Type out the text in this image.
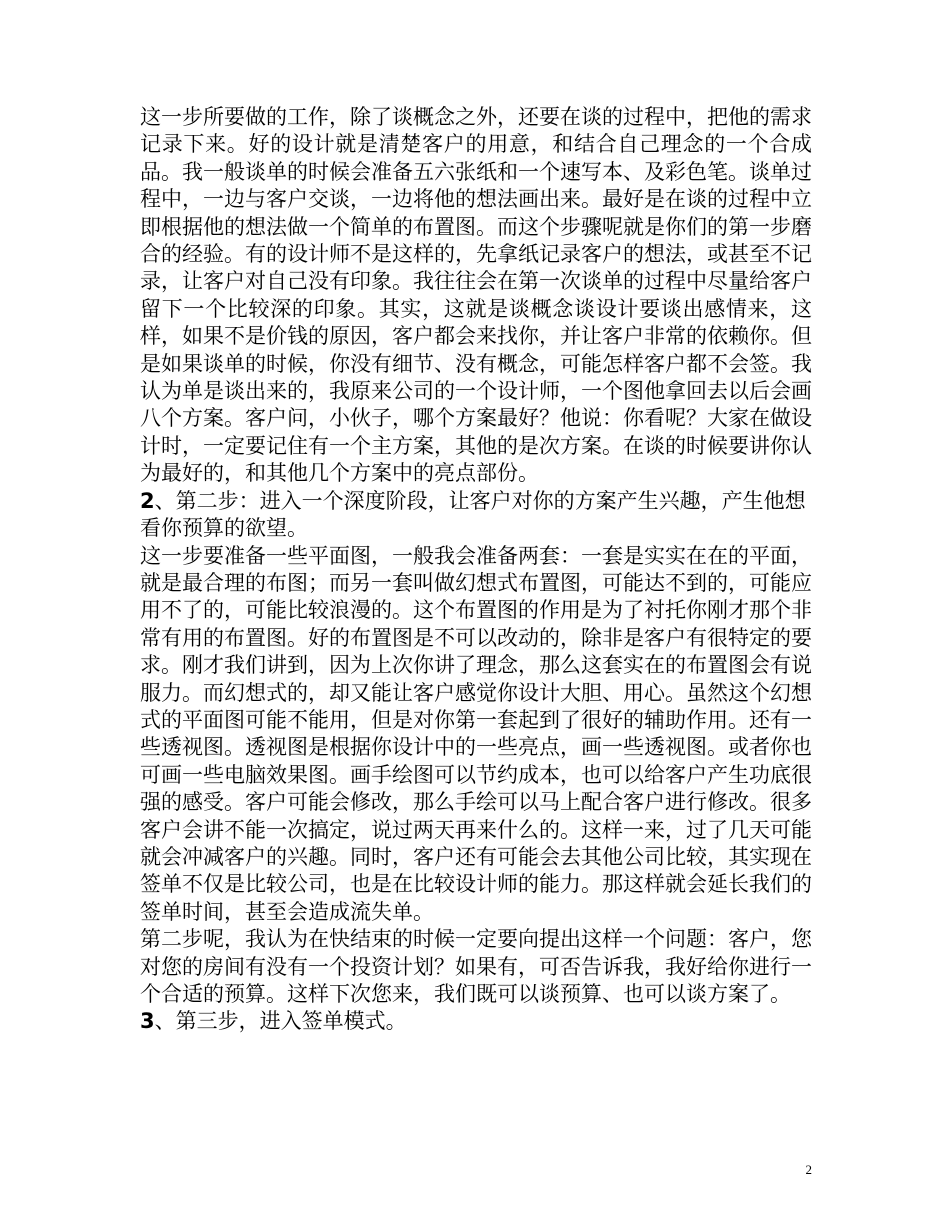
这一步所要做的工作，除了谈概念之外，还要在谈的过程中，把他的需求记录下来。好的设计就是清楚客户的用意，和结合自己理念的一个合成品。我一般谈单的时候会准备五六张纸和一个速写本、及彩色笔。谈单过程中，一边与客户交谈，一边将他的想法画出来。最好是在谈的过程中立即根据他的想法做一个简单的布置图。而这个步骤呢就是你们的第一步磨合的经验。有的设计师不是这样的，先拿纸记录客户的想法，或甚至不记录，让客户对自己没有印象。我往往会在第一次谈单的过程中尽量给客户留下一个比较深的印象。其实，这就是谈概念谈设计要谈出感情来，这样，如果不是价钱的原因，客户都会来找你，并让客户非常的依赖你。但是如果谈单的时候，你没有细节、没有概念，可能怎样客户都不会签。我认为单是谈出来的，我原来公司的一个设计师，一个图他拿回去以后会画八个方案。客户问，小伙子，哪个方案最好？他说：你看呢？大家在做设计时，一定要记住有一个主方案，其他的是次方案。在谈的时候要讲你认为最好的，和其他几个方案中的亮点部份。

2、第二步：进入一个深度阶段，让客户对你的方案产生兴趣，产生他想看你预算的欲望。

这一步要准备一些平面图，一般我会准备两套：一套是实实在在的平面，就是最合理的布图；而另一套叫做幻想式布置图，可能达不到的，可能应用不了的，可能比较浪漫的。这个布置图的作用是为了衬托你刚才那个非常有用的布置图。好的布置图是不可以改动的，除非是客户有很特定的要求。刚才我们讲到，因为上次你讲了理念，那么这套实在的布置图会有说服力。而幻想式的，却又能让客户感觉你设计大胆、用心。虽然这个幻想式的平面图可能不能用，但是对你第一套起到了很好的辅助作用。还有一些透视图。透视图是根据你设计中的一些亮点，画一些透视图。或者你也可画一些电脑效果图。画手绘图可以节约成本，也可以给客户产生功底很强的感受。客户可能会修改，那么手绘可以马上配合客户进行修改。很多客户会讲不能一次搞定，说过两天再来什么的。这样一来，过了几天可能就会冲减客户的兴趣。同时，客户还有可能会去其他公司比较，其实现在签单不仅是比较公司，也是在比较设计师的能力。那这样就会延长我们的签单时间，甚至会造成流失单。

第二步呢，我认为在快结束的时候一定要向提出这样一个问题：客户，您对您的房间有没有一个投资计划？如果有，可否告诉我，我好给你进行一个合适的预算。这样下次您来，我们既可以谈预算、也可以谈方案了。

3、第三步，进入签单模式。

2
